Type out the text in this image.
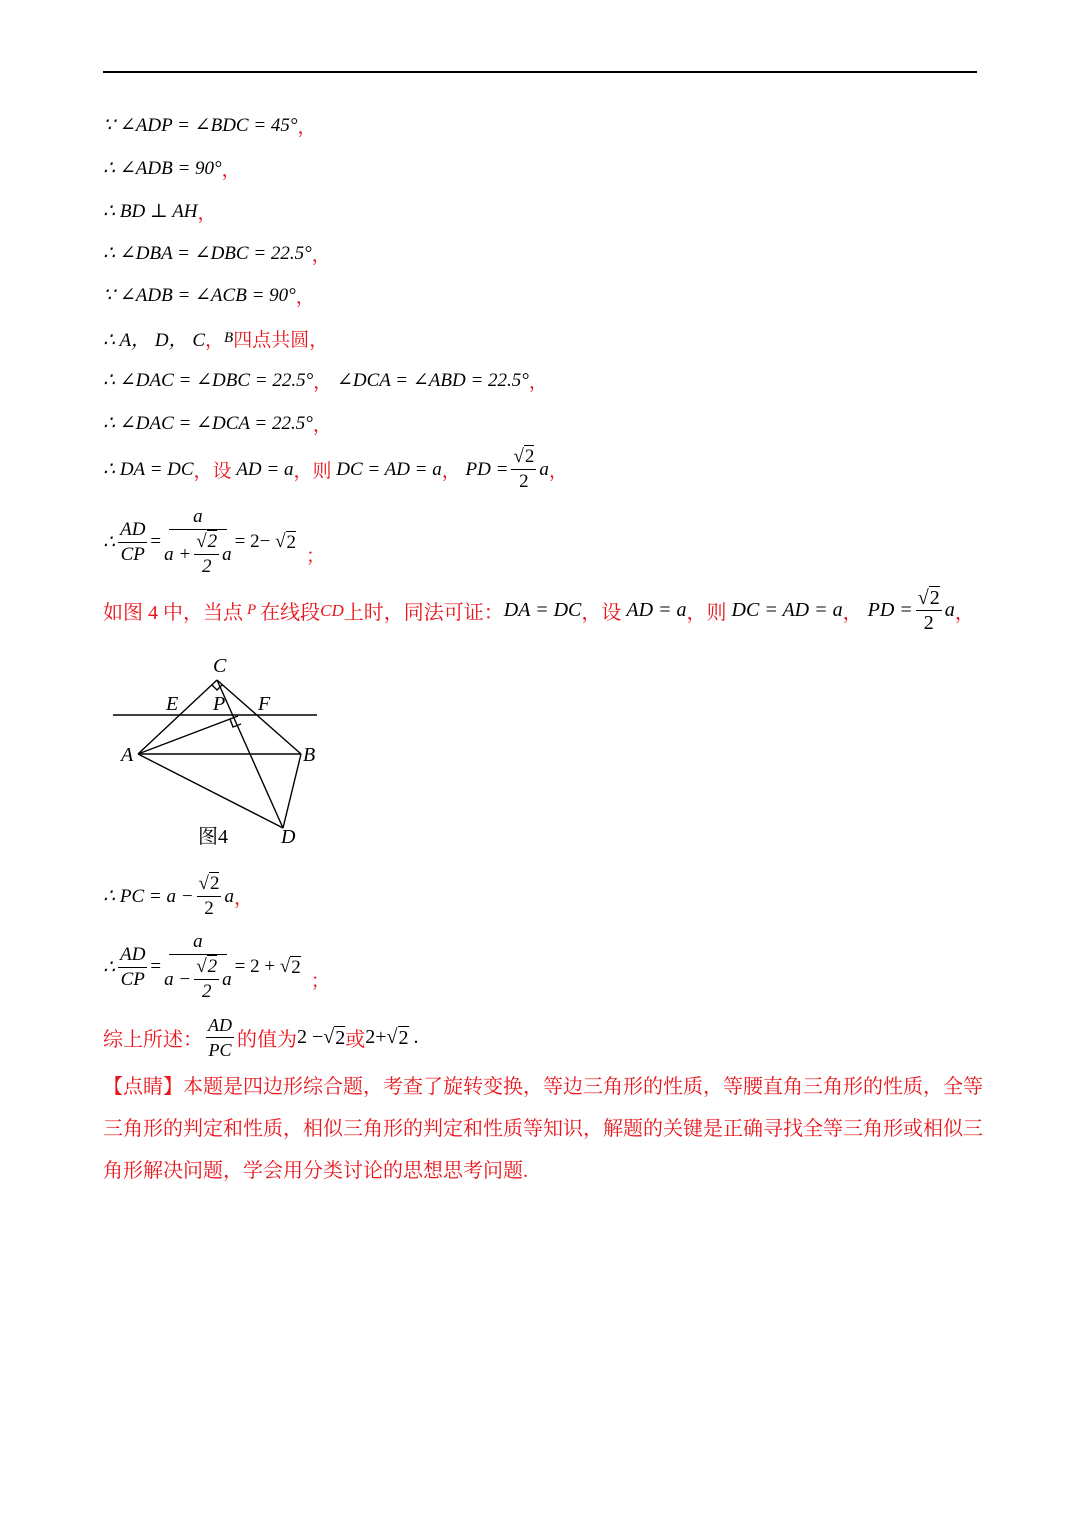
∵ ∠ADP = ∠BDC = 45° ，
∴ ∠ADB = 90° ，
∴ BD ⊥ AH ，
∴ ∠DBA = ∠DBC = 22.5° ，
∵ ∠ADB = ∠ACB = 90° ，
∴ A， D， C ， B 四点共圆，
∴ ∠DAC = ∠DBC = 22.5° ，
∠DCA = ∠ABD = 22.5° ，
∴ ∠DAC = ∠DCA = 22.5° ，
∴ DA = DC ，设
AD = a ，则
DC = AD = a ，
PD = $\frac{√2}{2}$ a ，
∴ $\frac{AD}{CP} = \frac{a}{a + \frac{√2}{2} a} = 2-$ √ 2
；
如图 4 中，当点 P 在线段 CD 上时，同法可证： DA = DC ，设
AD = a ，则
DC = AD = a ，
PD = $\frac{√2}{2}$ a ，
C
E P F
A	B
D
图4
∴ PC = $a - \frac{√2}{2}$ a ，
∴ $\frac{AD}{CP} = \frac{a}{a - \frac{√2}{2} a} = 2$ + √ 2
；
综上所述： $\frac{AD}{PC}$ 的值为 2 − √ 2 或 2+ √ 2
.
【点睛】本题是四边形综合题，考查了旋转变换，等边三角形的性质，等腰直角三角形的性质，全等三角形的判定和性质，相似三角形的判定和性质等知识，解题的关键是正确寻找全等三角形或相似三角形解决问题，学会用分类讨论的思想思考问题.
